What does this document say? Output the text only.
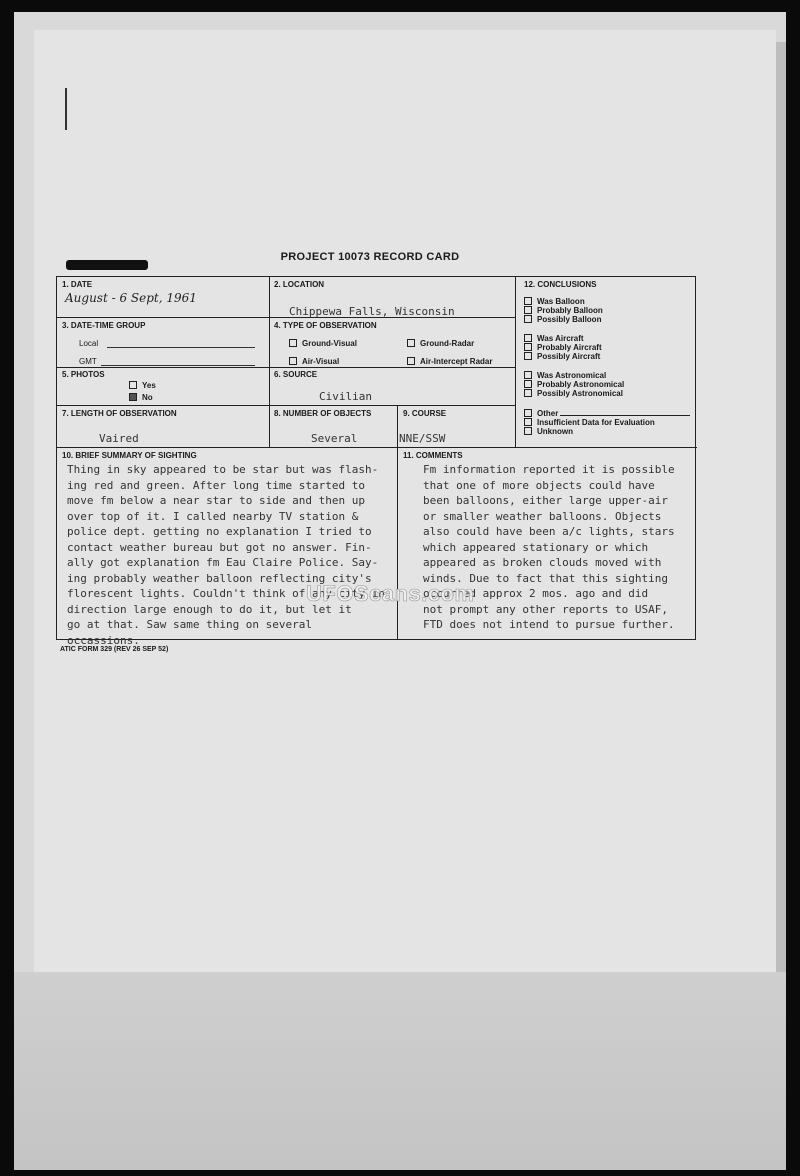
PROJECT 10073 RECORD CARD
1. DATE
August - 6 Sept, 1961
2. LOCATION
Chippewa Falls, Wisconsin
12. CONCLUSIONS
Was Balloon
Probably Balloon
Possibly Balloon
Was Aircraft
Probably Aircraft
Possibly Aircraft
Was Astronomical
Probably Astronomical
Possibly Astronomical
Other
Insufficient Data for Evaluation
Unknown
3. DATE-TIME GROUP
Local
GMT
4. TYPE OF OBSERVATION
Ground-Visual	Ground-Radar
Air-Visual	Air-Intercept Radar
5. PHOTOS
Yes
No
6. SOURCE
Civilian
7. LENGTH OF OBSERVATION
Vaired
8. NUMBER OF OBJECTS
Several
9. COURSE
NNE/SSW
10. BRIEF SUMMARY OF SIGHTING
Thing in sky appeared to be star but was flash-
ing red and green. After long time started to
move fm below a near star to side and then up
over top of it. I called nearby TV station &
police dept. getting no explanation I tried to
contact weather bureau but got no answer. Fin-
ally got explanation fm Eau Claire Police. Say-
ing probably weather balloon reflecting city's
florescent lights. Couldn't think of any city in
direction large enough to do it, but let it
go at that. Saw same thing on several
occassions.
11. COMMENTS
Fm information reported it is possible
that one of more objects could have
been balloons, either large upper-air
or smaller weather balloons. Objects
also could have been a/c lights, stars
which appeared stationary or which
appeared as broken clouds moved with
winds. Due to fact that this sighting
occurred approx 2 mos. ago and did
not prompt any other reports to USAF,
FTD does not intend to pursue further.
ATIC FORM 329 (REV 26 SEP 52)
UFOScans.com
